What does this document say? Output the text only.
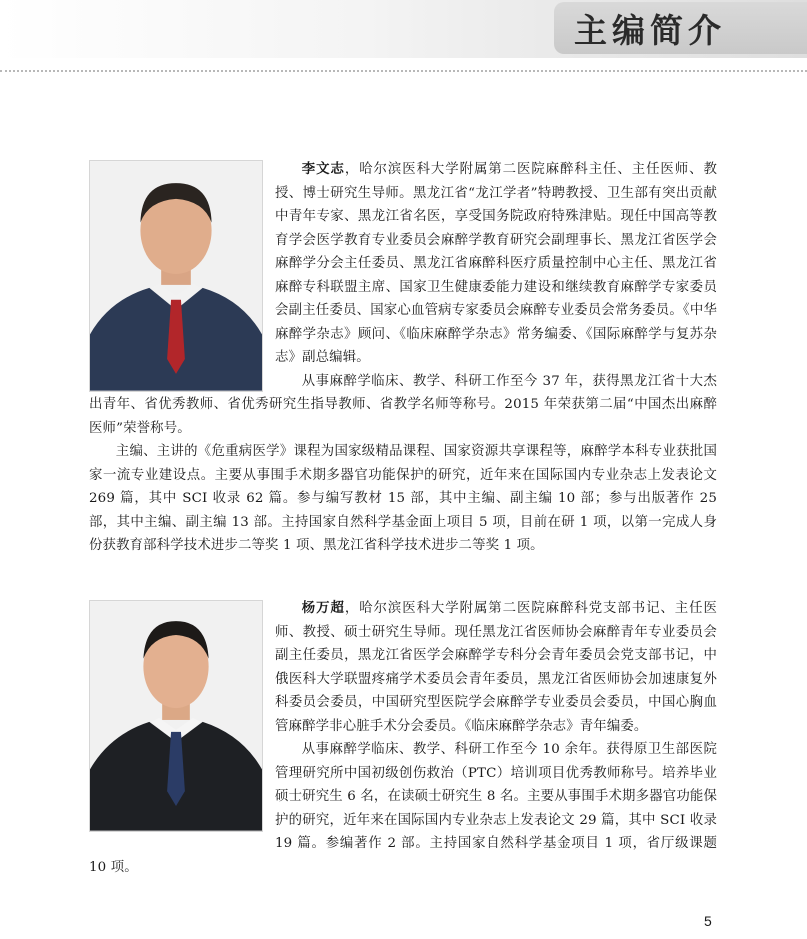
主编简介

李文志，哈尔滨医科大学附属第二医院麻醉科主任、主任医师、教授、博士研究生导师。黑龙江省“龙江学者”特聘教授、卫生部有突出贡献中青年专家、黑龙江省名医，享受国务院政府特殊津贴。现任中国高等教育学会医学教育专业委员会麻醉学教育研究会副理事长、黑龙江省医学会麻醉学分会主任委员、黑龙江省麻醉科医疗质量控制中心主任、黑龙江省麻醉专科联盟主席、国家卫生健康委能力建设和继续教育麻醉学专家委员会副主任委员、国家心血管病专家委员会麻醉专业委员会常务委员。《中华麻醉学杂志》顾问、《临床麻醉学杂志》常务编委、《国际麻醉学与复苏杂志》副总编辑。

从事麻醉学临床、教学、科研工作至今 37 年，获得黑龙江省十大杰出青年、省优秀教师、省优秀研究生指导教师、省教学名师等称号。2015 年荣获第二届“中国杰出麻醉医师”荣誉称号。

主编、主讲的《危重病医学》课程为国家级精品课程、国家资源共享课程等，麻醉学本科专业获批国家一流专业建设点。主要从事围手术期多器官功能保护的研究，近年来在国际国内专业杂志上发表论文 269 篇，其中 SCI 收录 62 篇。参与编写教材 15 部，其中主编、副主编 10 部；参与出版著作 25 部，其中主编、副主编 13 部。主持国家自然科学基金面上项目 5 项，目前在研 1 项，以第一完成人身份获教育部科学技术进步二等奖 1 项、黑龙江省科学技术进步二等奖 1 项。

杨万超，哈尔滨医科大学附属第二医院麻醉科党支部书记、主任医师、教授、硕士研究生导师。现任黑龙江省医师协会麻醉青年专业委员会副主任委员，黑龙江省医学会麻醉学专科分会青年委员会党支部书记，中俄医科大学联盟疼痛学术委员会青年委员，黑龙江省医师协会加速康复外科委员会委员，中国研究型医院学会麻醉学专业委员会委员，中国心胸血管麻醉学非心脏手术分会委员。《临床麻醉学杂志》青年编委。

从事麻醉学临床、教学、科研工作至今 10 余年。获得原卫生部医院管理研究所中国初级创伤救治（PTC）培训项目优秀教师称号。培养毕业硕士研究生 6 名，在读硕士研究生 8 名。主要从事围手术期多器官功能保护的研究，近年来在国际国内专业杂志上发表论文 29 篇，其中 SCI 收录 19 篇。参编著作 2 部。主持国家自然科学基金项目 1 项，省厅级课题 10 项。

5
